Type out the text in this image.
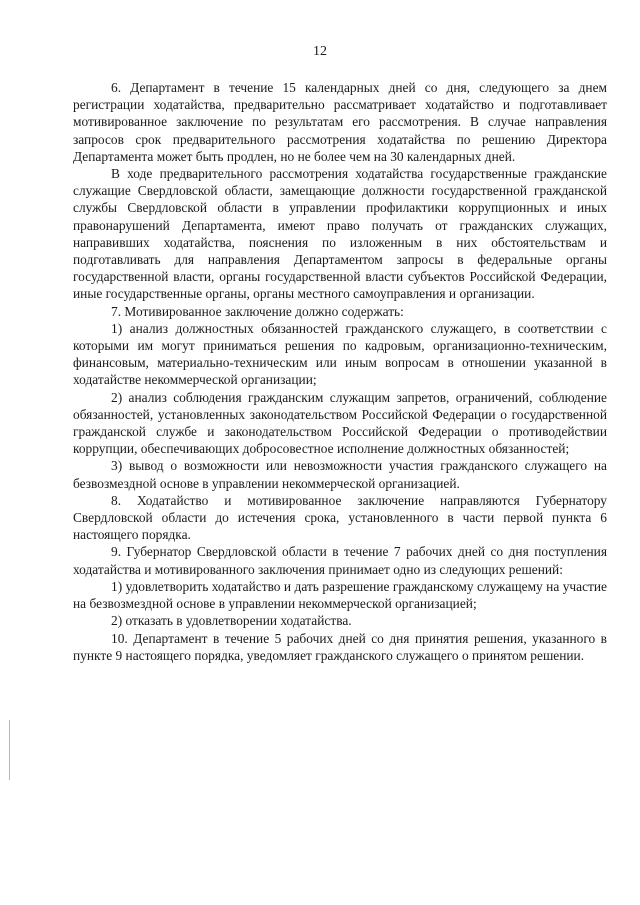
12

6. Департамент в течение 15 календарных дней со дня, следующего за днем регистрации ходатайства, предварительно рассматривает ходатайство и подготавливает мотивированное заключение по результатам его рассмотрения. В случае направления запросов срок предварительного рассмотрения ходатайства по решению Директора Департамента может быть продлен, но не более чем на 30 календарных дней.

В ходе предварительного рассмотрения ходатайства государственные гражданские служащие Свердловской области, замещающие должности государственной гражданской службы Свердловской области в управлении профилактики коррупционных и иных правонарушений Департамента, имеют право получать от гражданских служащих, направивших ходатайства, пояснения по изложенным в них обстоятельствам и подготавливать для направления Департаментом запросы в федеральные органы государственной власти, органы государственной власти субъектов Российской Федерации, иные государственные органы, органы местного самоуправления и организации.

7. Мотивированное заключение должно содержать:

1) анализ должностных обязанностей гражданского служащего, в соответствии с которыми им могут приниматься решения по кадровым, организационно-техническим, финансовым, материально-техническим или иным вопросам в отношении указанной в ходатайстве некоммерческой организации;

2) анализ соблюдения гражданским служащим запретов, ограничений, соблюдение обязанностей, установленных законодательством Российской Федерации о государственной гражданской службе и законодательством Российской Федерации о противодействии коррупции, обеспечивающих добросовестное исполнение должностных обязанностей;

3) вывод о возможности или невозможности участия гражданского служащего на безвозмездной основе в управлении некоммерческой организацией.

8. Ходатайство и мотивированное заключение направляются Губернатору Свердловской области до истечения срока, установленного в части первой пункта 6 настоящего порядка.

9. Губернатор Свердловской области в течение 7 рабочих дней со дня поступления ходатайства и мотивированного заключения принимает одно из следующих решений:

1) удовлетворить ходатайство и дать разрешение гражданскому служащему на участие на безвозмездной основе в управлении некоммерческой организацией;

2) отказать в удовлетворении ходатайства.

10. Департамент в течение 5 рабочих дней со дня принятия решения, указанного в пункте 9 настоящего порядка, уведомляет гражданского служащего о принятом решении.
